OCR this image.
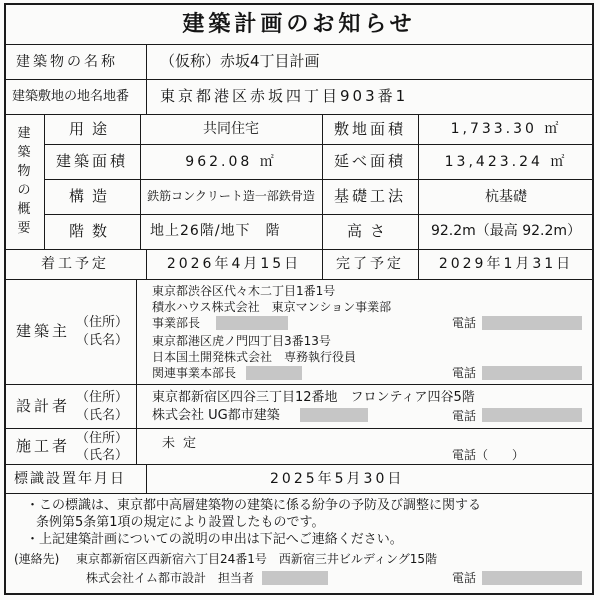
建築計画のお知らせ
建築物の名称	（仮称）赤坂4丁目計画
建築敷地の地名地番 東京都港区赤坂四丁目903番1
建築物の概要
用途	共同住宅	敷地面積	1,733.30 ㎡
建築面積	962.08 ㎡	延べ面積	13,423.24 ㎡
構造	鉄筋コンクリート造一部鉄骨造	基礎工法	杭基礎
階数	地上26階/地下　階	高さ	92.2m（最高 92.2m）
着工予定	2026年4月15日	完了予定	2029年1月31日
建築主 （住所）
（氏名）
東京都渋谷区代々木二丁目1番1号
積水ハウス株式会社　東京マンション事業部
事業部長	電話
東京都港区虎ノ門四丁目3番13号
日本国土開発株式会社　専務執行役員
関連事業本部長	電話
設計者 （住所）
（氏名）
東京都新宿区四谷三丁目12番地　フロンティア四谷5階
株式会社 UG都市建築	電話
施工者 （住所）
（氏名）
未定
電話（　　）
標識設置年月日	2025年5月30日
・この標識は、東京都中高層建築物の建築に係る紛争の予防及び調整に関する
条例第5条第1項の規定により設置したものです。
・上記建築計画についての説明の申出は下記へご連絡ください。
(連絡先) 東京都新宿区西新宿六丁目24番1号　西新宿三井ビルディング15階
株式会社イム都市設計　担当者	電話
